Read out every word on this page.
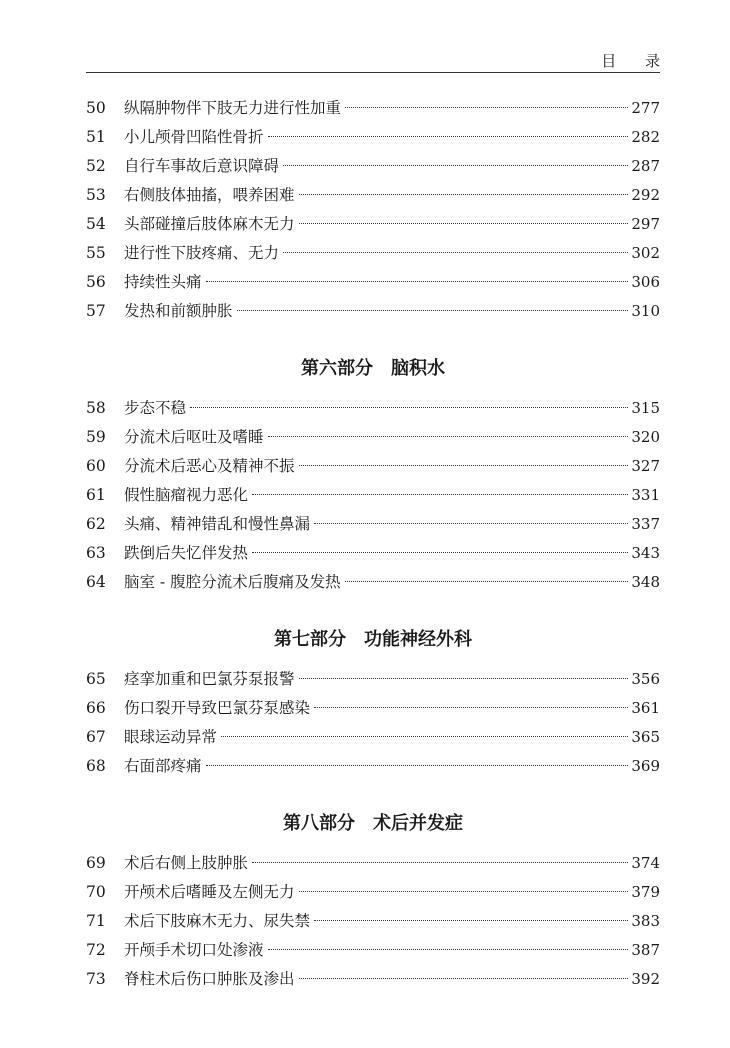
目 录
50	纵隔肿物伴下肢无力进行性加重	277
51	小儿颅骨凹陷性骨折	282
52	自行车事故后意识障碍	287
53	右侧肢体抽搐，喂养困难	292
54	头部碰撞后肢体麻木无力	297
55	进行性下肢疼痛、无力	302
56	持续性头痛	306
57	发热和前额肿胀	310
第六部分　脑积水
58	步态不稳	315
59	分流术后呕吐及嗜睡	320
60	分流术后恶心及精神不振	327
61	假性脑瘤视力恶化	331
62	头痛、精神错乱和慢性鼻漏	337
63	跌倒后失忆伴发热	343
64	脑室 - 腹腔分流术后腹痛及发热	348
第七部分　功能神经外科
65	痉挛加重和巴氯芬泵报警	356
66	伤口裂开导致巴氯芬泵感染	361
67	眼球运动异常	365
68	右面部疼痛	369
第八部分　术后并发症
69	术后右侧上肢肿胀	374
70	开颅术后嗜睡及左侧无力	379
71	术后下肢麻木无力、尿失禁	383
72	开颅手术切口处渗液	387
73	脊柱术后伤口肿胀及渗出	392
